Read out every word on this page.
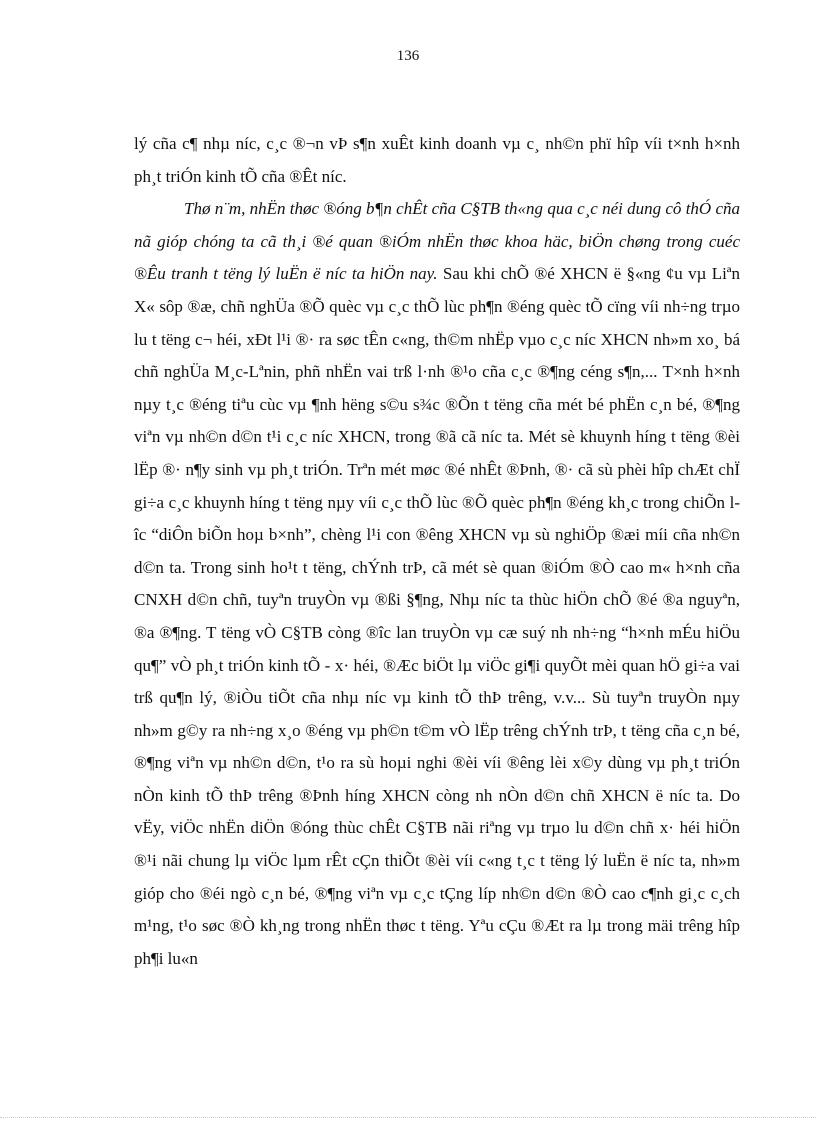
136

lý cña c¶ nhµ níc, c¸c ®¬n vÞ s¶n xuÊt kinh doanh vµ c¸ nh©n phï hîp víi t×nh h×nh ph¸t triÓn kinh tÕ cña ®Êt níc.

Thø n¨m, nhËn thøc ®óng b¶n chÊt cña C§TB th«ng qua c¸c néi dung cô thÓ cña nã gióp chóng ta cã th¸i ®é quan ®iÓm nhËn thøc khoa häc, biÖn chøng trong cuéc ®Êu tranh t tëng lý luËn ë níc ta hiÖn nay. Sau khi chÕ ®é XHCN ë §«ng ¢u vµ Liªn X« sôp ®æ, chñ nghÜa ®Õ quèc vµ c¸c thÕ lùc ph¶n ®éng quèc tÕ cïng víi nh÷ng trµo lu t tëng c¬ héi, xÐt l¹i ®· ra søc tÊn c«ng, th©m nhËp vµo c¸c níc XHCN nh»m xo¸ bá chñ nghÜa M¸c-Lªnin, phñ nhËn vai trß l·nh ®¹o cña c¸c ®¶ng céng s¶n,... T×nh h×nh nµy t¸c ®éng tiªu cùc vµ ¶nh hëng s©u s¾c ®Õn t tëng cña mét bé phËn c¸n bé, ®¶ng viªn vµ nh©n d©n t¹i c¸c níc XHCN, trong ®ã cã níc ta. Mét sè khuynh híng t tëng ®èi lËp ®· n¶y sinh vµ ph¸t triÓn. Trªn mét møc ®é nhÊt ®Þnh, ®· cã sù phèi hîp chÆt chÏ gi÷a c¸c khuynh híng t tëng nµy víi c¸c thÕ lùc ®Õ quèc ph¶n ®éng kh¸c trong chiÕn lîc “diÔn biÕn hoµ b×nh”, chèng l¹i con ®êng XHCN vµ sù nghiÖp ®æi míi cña nh©n d©n ta. Trong sinh ho¹t t tëng, chÝnh trÞ, cã mét sè quan ®iÓm ®Ò cao m« h×nh cña CNXH d©n chñ, tuyªn truyÒn vµ ®ßi §¶ng, Nhµ níc ta thùc hiÖn chÕ ®é ®a nguyªn, ®a ®¶ng. T tëng vÒ C§TB còng ®îc lan truyÒn vµ cæ suý nh nh÷ng “h×nh mÉu hiÖu qu¶” vÒ ph¸t triÓn kinh tÕ - x· héi, ®Æc biÖt lµ viÖc gi¶i quyÕt mèi quan hÖ gi÷a vai trß qu¶n lý, ®iÒu tiÕt cña nhµ níc vµ kinh tÕ thÞ trêng, v.v... Sù tuyªn truyÒn nµy nh»m g©y ra nh÷ng x¸o ®éng vµ ph©n t©m vÒ lËp trêng chÝnh trÞ, t tëng cña c¸n bé, ®¶ng viªn vµ nh©n d©n, t¹o ra sù hoµi nghi ®èi víi ®êng lèi x©y dùng vµ ph¸t triÓn nÒn kinh tÕ thÞ trêng ®Þnh híng XHCN còng nh nÒn d©n chñ XHCN ë níc ta. Do vËy, viÖc nhËn diÖn ®óng thùc chÊt C§TB nãi riªng vµ trµo lu d©n chñ x· héi hiÖn ®¹i nãi chung lµ viÖc lµm rÊt cÇn thiÕt ®èi víi c«ng t¸c t tëng lý luËn ë níc ta, nh»m gióp cho ®éi ngò c¸n bé, ®¶ng viªn vµ c¸c tÇng líp nh©n d©n ®Ò cao c¶nh gi¸c c¸ch m¹ng, t¹o søc ®Ò kh¸ng trong nhËn thøc t tëng. Yªu cÇu ®Æt ra lµ trong mäi trêng hîp ph¶i lu«n
